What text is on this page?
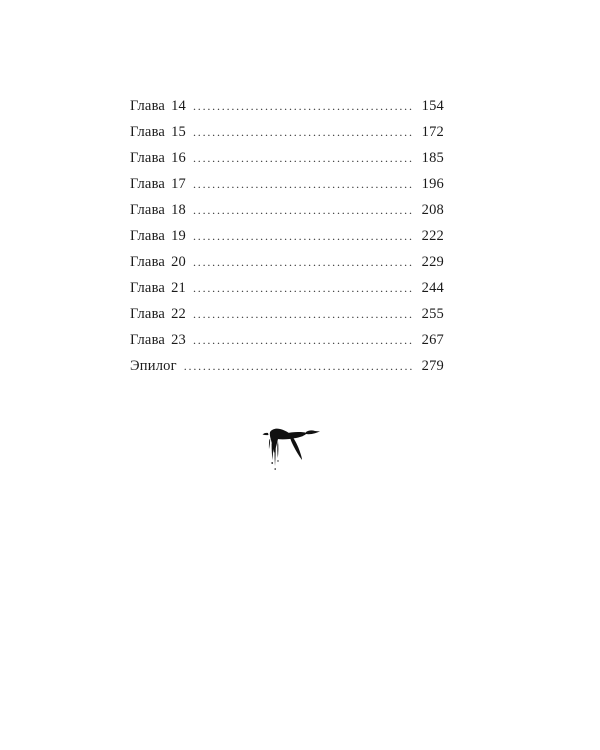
Глава 14 . . .	154
Глава 15 . . .	172
Глава 16 . . .	185
Глава 17 . . .	196
Глава 18 . . .	208
Глава 19 . . .	222
Глава 20 . . .	229
Глава 21 . . .	244
Глава 22 . . .	255
Глава 23 . . .	267
Эпилог . . .	279
